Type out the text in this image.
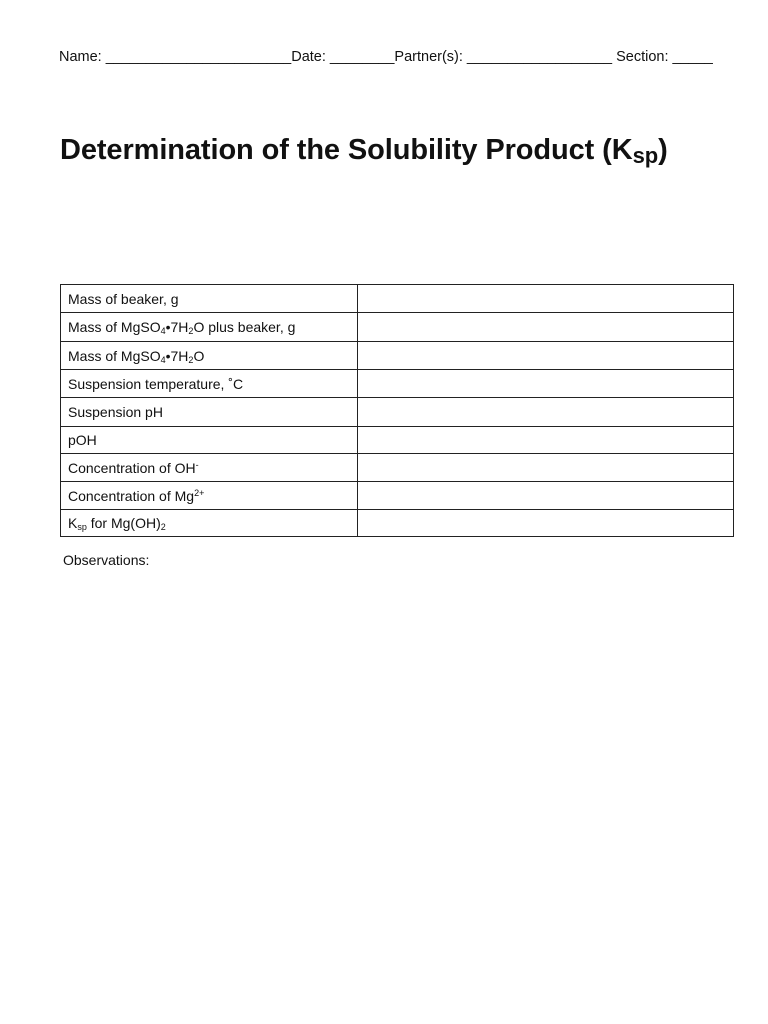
Name: _______________________Date: ________Partner(s): __________________ Section: _____
Determination of the Solubility Product (Ksp)
Mass of beaker, g	
Mass of $MgSO_4•7H_2O$ plus beaker, g	
Mass of $MgSO_4•7H_2O$	
Suspension temperature, ˚C	
Suspension pH	
pOH	
Concentration of OH-	
Concentration of $Mg^{2+}$	
$K_{sp}$ for $Mg(OH)_2$	
Observations:
